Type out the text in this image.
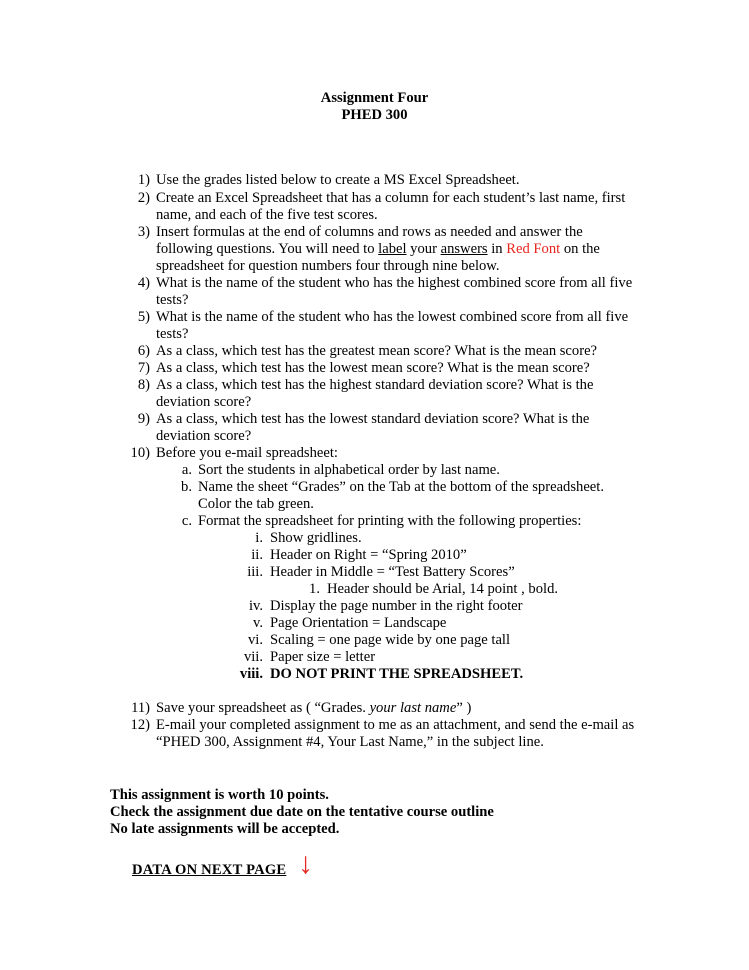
Assignment Four
PHED 300
1) Use the grades listed below to create a MS Excel Spreadsheet.
2) Create an Excel Spreadsheet that has a column for each student’s last name, first
name, and each of the five test scores.
3) Insert formulas at the end of columns and rows as needed and answer the
following questions. You will need to label your answers in Red Font on the
spreadsheet for question numbers four through nine below.
4) What is the name of the student who has the highest combined score from all five
tests?
5) What is the name of the student who has the lowest combined score from all five
tests?
6) As a class, which test has the greatest mean score? What is the mean score?
7) As a class, which test has the lowest mean score? What is the mean score?
8) As a class, which test has the highest standard deviation score? What is the
deviation score?
9) As a class, which test has the lowest standard deviation score? What is the
deviation score?
10) Before you e-mail spreadsheet:
a. Sort the students in alphabetical order by last name.
b. Name the sheet “Grades” on the Tab at the bottom of the spreadsheet.
Color the tab green.
c. Format the spreadsheet for printing with the following properties:
i. Show gridlines.
ii. Header on Right = “Spring 2010”
iii. Header in Middle = “Test Battery Scores”
1. Header should be Arial, 14 point , bold.
iv. Display the page number in the right footer
v. Page Orientation = Landscape
vi. Scaling = one page wide by one page tall
vii. Paper size = letter
viii. DO NOT PRINT THE SPREADSHEET.
11) Save your spreadsheet as ( “Grades. your last name” )
12) E-mail your completed assignment to me as an attachment, and send the e-mail as
“PHED 300, Assignment #4, Your Last Name,” in the subject line.
This assignment is worth 10 points.
Check the assignment due date on the tentative course outline
No late assignments will be accepted.
DATA ON NEXT PAGE ↓
